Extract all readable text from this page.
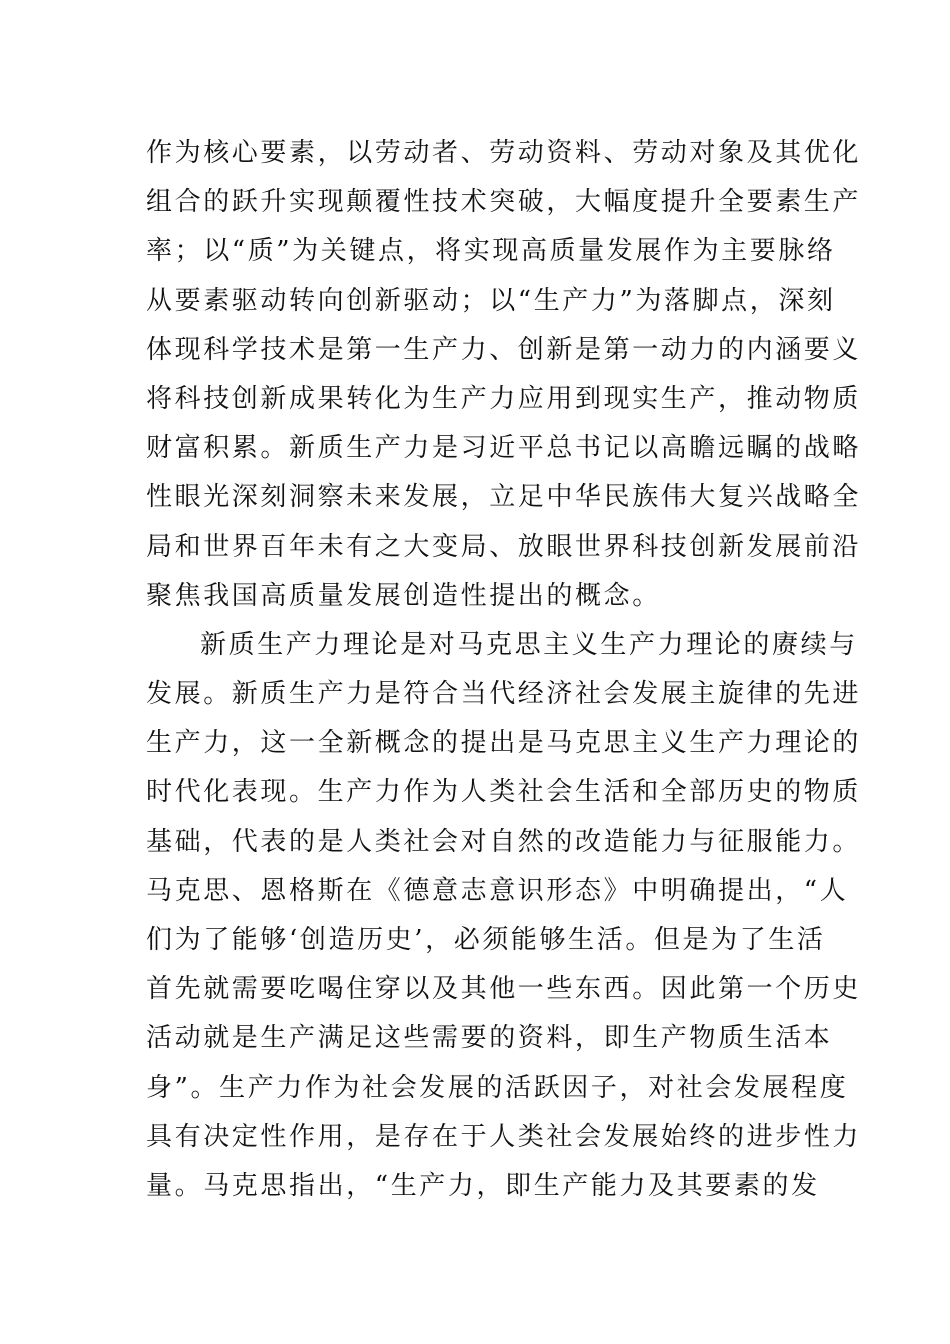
作为核心要素，以劳动者、劳动资料、劳动对象及其优化
组合的跃升实现颠覆性技术突破，大幅度提升全要素生产
率；以“质”为关键点，将实现高质量发展作为主要脉络
从要素驱动转向创新驱动；以“生产力”为落脚点，深刻
体现科学技术是第一生产力、创新是第一动力的内涵要义
将科技创新成果转化为生产力应用到现实生产，推动物质
财富积累。新质生产力是习近平总书记以高瞻远瞩的战略
性眼光深刻洞察未来发展，立足中华民族伟大复兴战略全
局和世界百年未有之大变局、放眼世界科技创新发展前沿
聚焦我国高质量发展创造性提出的概念。
新质生产力理论是对马克思主义生产力理论的赓续与
发展。新质生产力是符合当代经济社会发展主旋律的先进
生产力，这一全新概念的提出是马克思主义生产力理论的
时代化表现。生产力作为人类社会生活和全部历史的物质
基础，代表的是人类社会对自然的改造能力与征服能力。
马克思、恩格斯在《德意志意识形态》中明确提出，“人
们为了能够‘创造历史’，必须能够生活。但是为了生活
首先就需要吃喝住穿以及其他一些东西。因此第一个历史
活动就是生产满足这些需要的资料，即生产物质生活本
身”。生产力作为社会发展的活跃因子，对社会发展程度
具有决定性作用，是存在于人类社会发展始终的进步性力
量。马克思指出，“生产力，即生产能力及其要素的发
